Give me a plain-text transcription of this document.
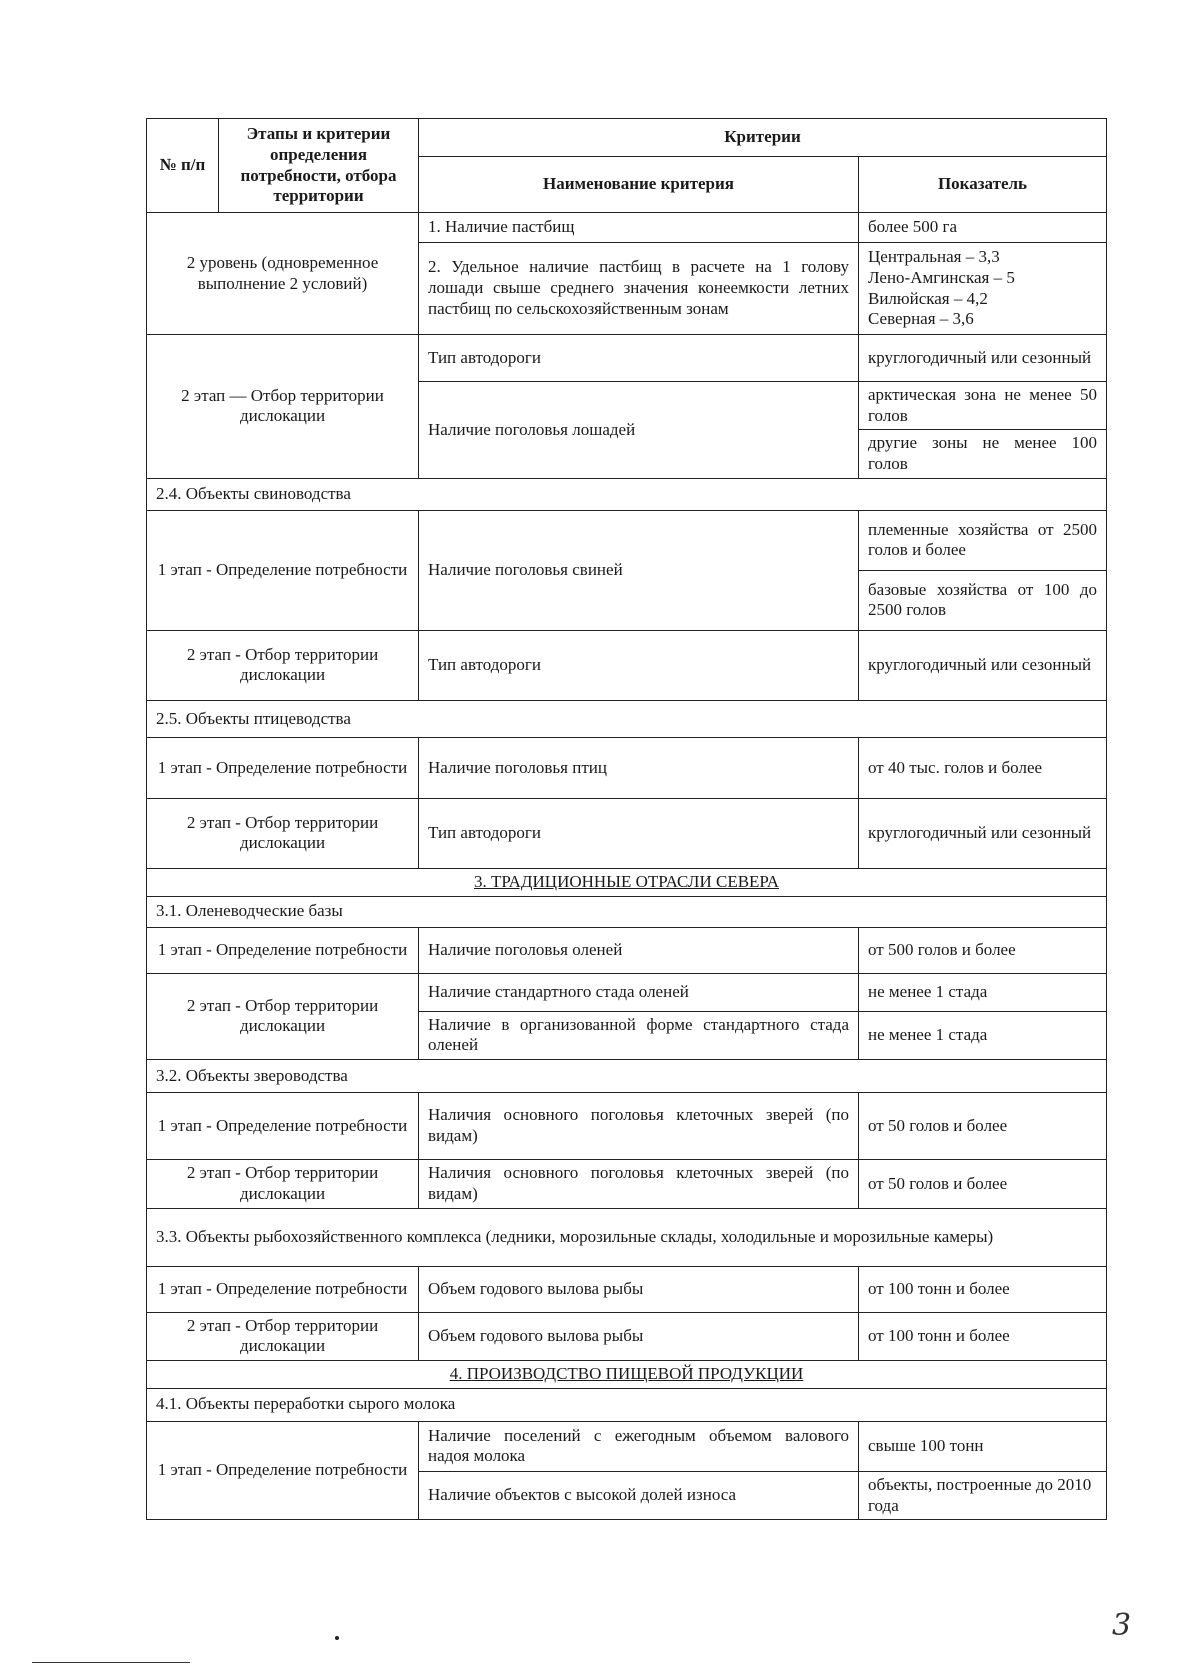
№ п/п	Этапы и критерии определения потребности, отбора территории	Критерии	
		Наименование критерия	Показатель
2 уровень (одновременное выполнение 2 условий)		1. Наличие пастбищ	более 500 га
		2. Удельное наличие пастбищ в расчете на 1 голову лошади свыше среднего значения конеемкости летних пастбищ по сельскохозяйственным зонам	Центральная – 3,3
Лено-Амгинская – 5
Вилюйская – 4,2
Северная – 3,6

2 этап — Отбор территории дислокации		Тип автодороги	круглогодичный или сезонный
		Наличие поголовья лошадей	арктическая зона не менее 50 голов
			другие зоны не менее 100 голов
2.4. Объекты свиноводства			
1 этап - Определение потребности		Наличие поголовья свиней	племенные хозяйства от 2500 голов и более
			базовые хозяйства от 100 до 2500 голов
2 этап - Отбор территории дислокации		Тип автодороги	круглогодичный или сезонный
2.5. Объекты птицеводства			
1 этап - Определение потребности		Наличие поголовья птиц	от 40 тыс. голов и более
2 этап - Отбор территории дислокации		Тип автодороги	круглогодичный или сезонный
3. ТРАДИЦИОННЫЕ ОТРАСЛИ СЕВЕРА			
3.1. Оленеводческие базы			
1 этап - Определение потребности		Наличие поголовья оленей	от 500 голов и более
2 этап - Отбор территории дислокации		Наличие стандартного стада оленей	не менее 1 стада
		Наличие в организованной форме стандартного стада оленей	не менее 1 стада
3.2. Объекты звероводства			
1 этап - Определение потребности		Наличия основного поголовья клеточных зверей (по видам)	от 50 голов и более
2 этап - Отбор территории дислокации		Наличия основного поголовья клеточных зверей (по видам)	от 50 голов и более
3.3. Объекты рыбохозяйственного комплекса (ледники, морозильные склады, холодильные и морозильные камеры)			
1 этап - Определение потребности		Объем годового вылова рыбы	от 100 тонн и более
2 этап - Отбор территории дислокации		Объем годового вылова рыбы	от 100 тонн и более
4. ПРОИЗВОДСТВО ПИЩЕВОЙ ПРОДУКЦИИ			
4.1. Объекты переработки сырого молока			
1 этап - Определение потребности		Наличие поселений с ежегодным объемом валового надоя молока	свыше 100 тонн
		Наличие объектов с высокой долей износа	объекты, построенные до 2010 года
3
